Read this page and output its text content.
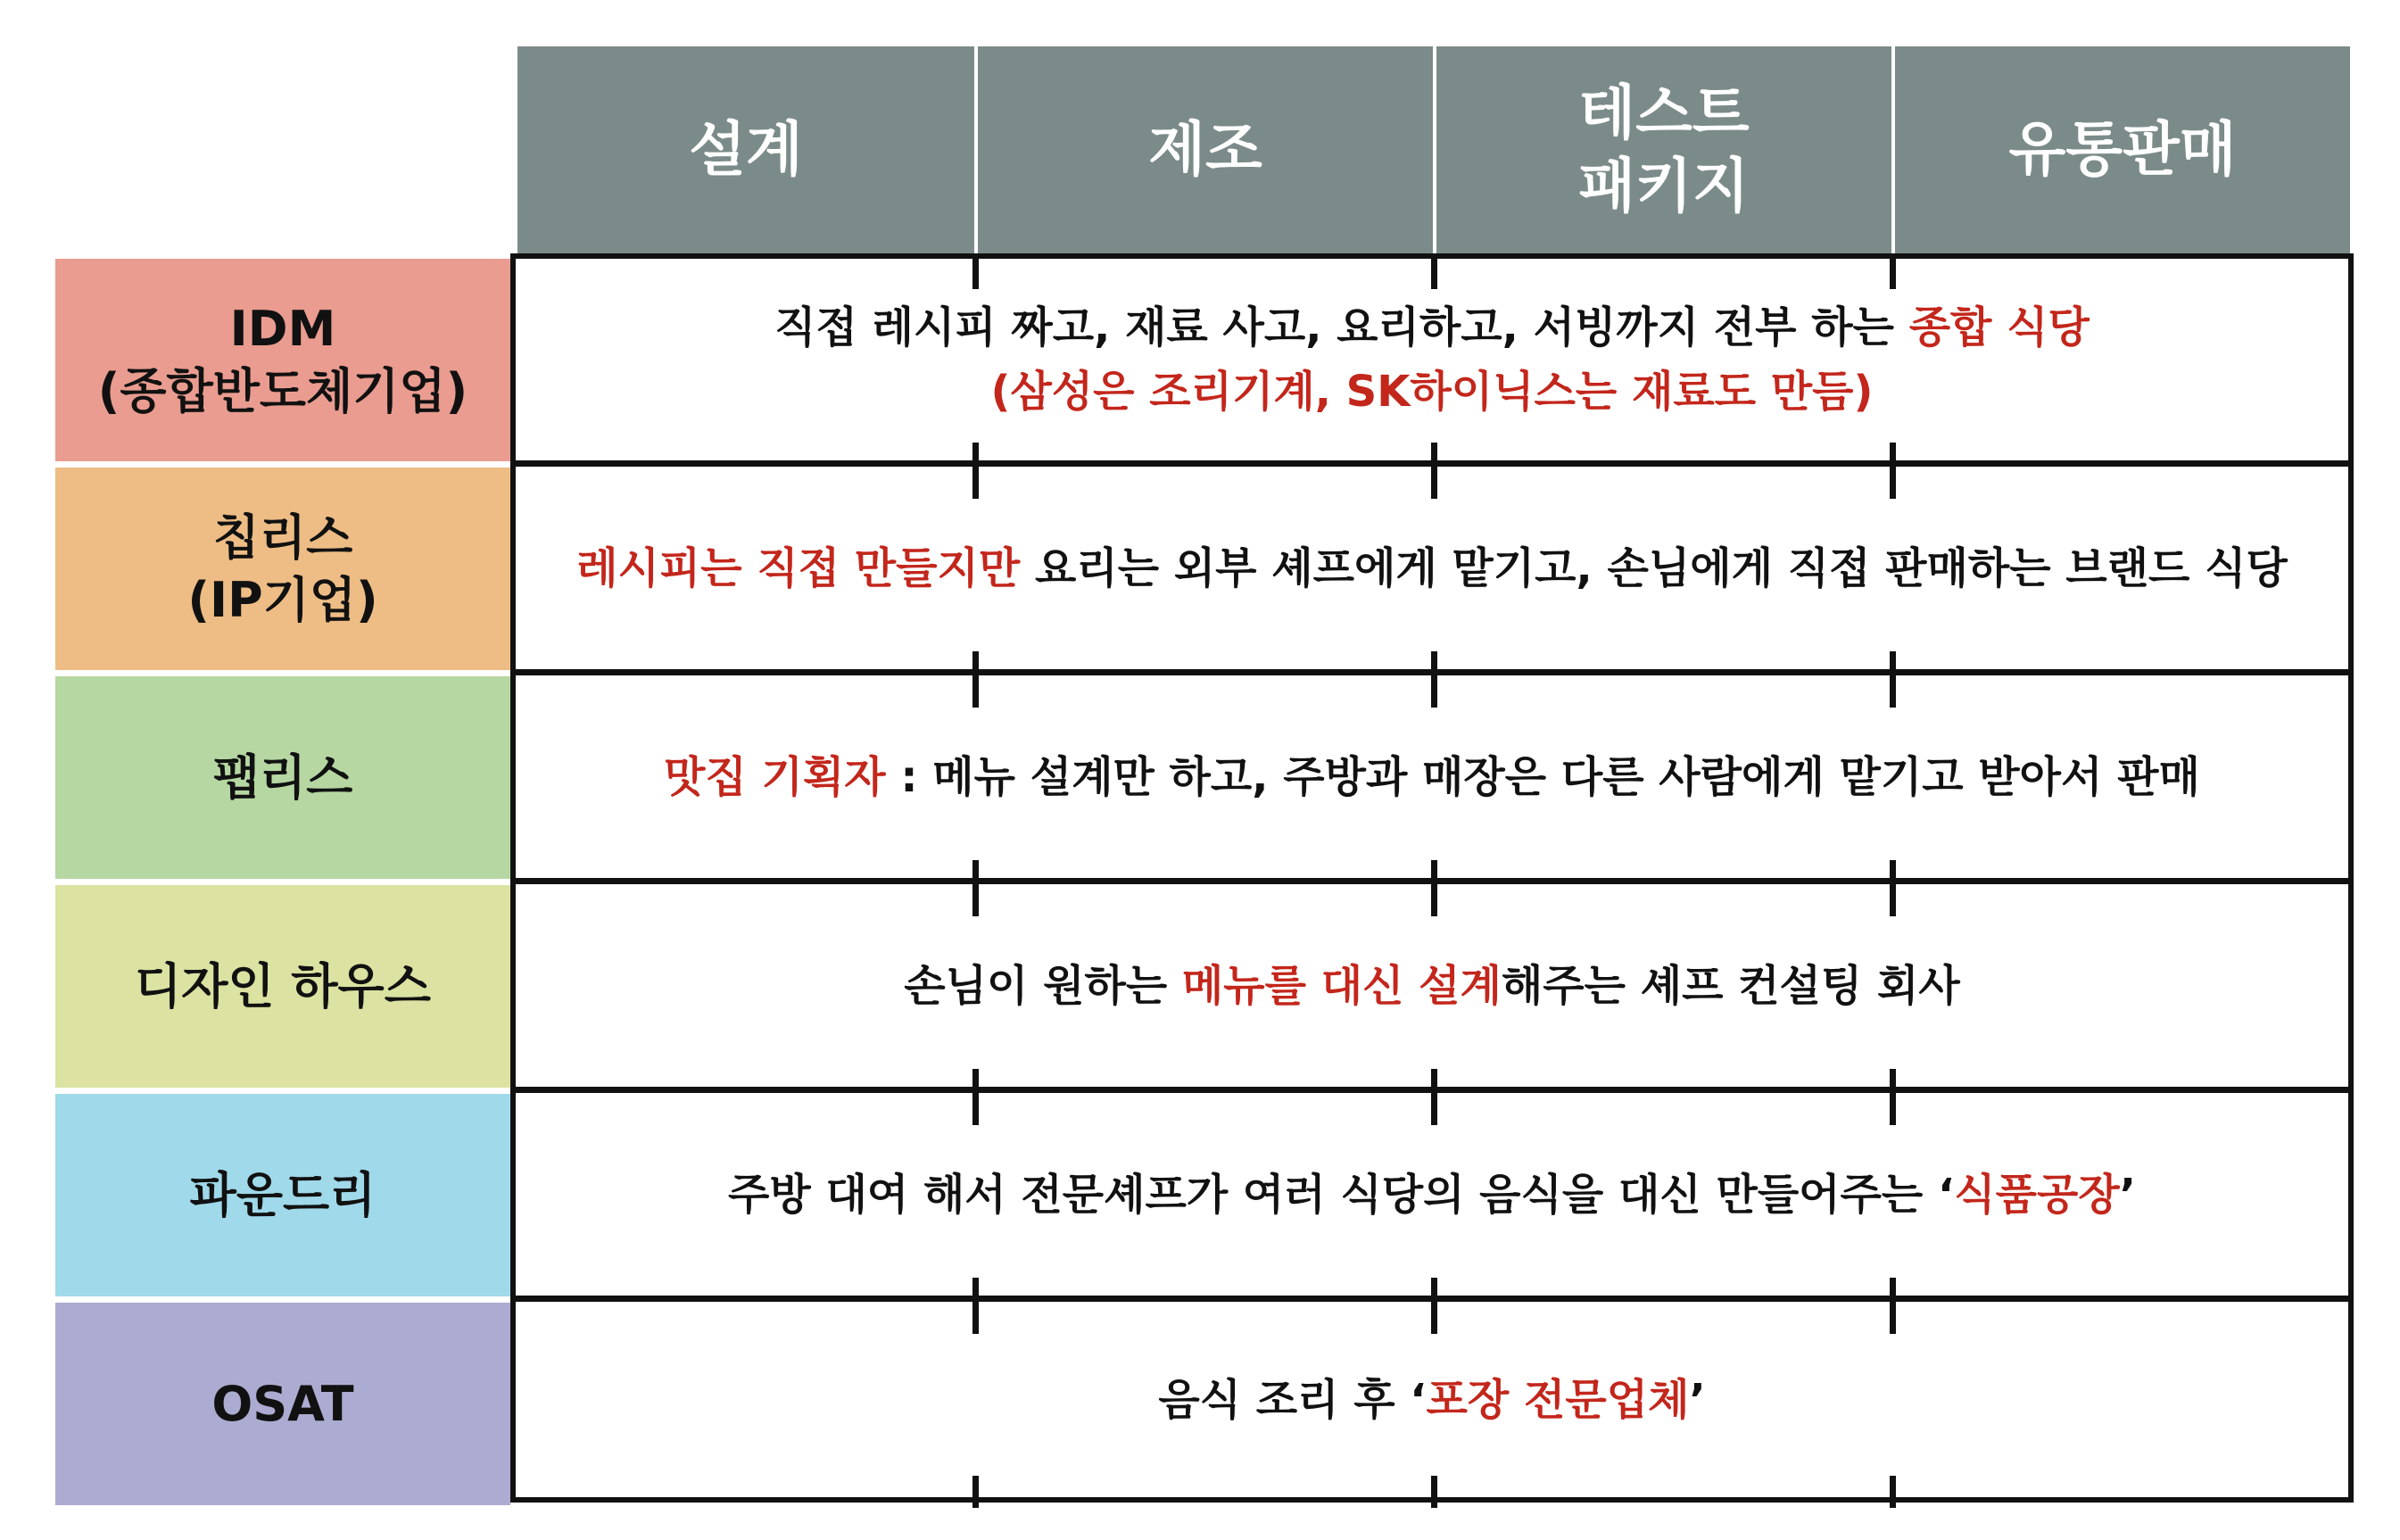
설계	제조
테스트
패키지
유통판매
IDM
(종합반도체기업)
칩리스
(IP기업)
팹리스
디자인 하우스
파운드리
OSAT
직접 레시피 짜고, 재료 사고, 요리하고, 서빙까지 전부 하는 종합 식당
(삼성은 조리기계, SK하이닉스는 재료도 만듬)
레시피는 직접 만들지만 요리는 외부 셰프에게 맡기고, 손님에게 직접 판매하는 브랜드 식당
맛집 기획자 : 메뉴 설계만 하고, 주방과 매장은 다른 사람에게 맡기고 받아서 판매
손님이 원하는 메뉴를 대신 설계해주는 셰프 컨설팅 회사
주방 대여 해서 전문셰프가 여러 식당의 음식을 대신 만들어주는 ‘식품공장’
음식 조리 후 ‘포장 전문업체’
